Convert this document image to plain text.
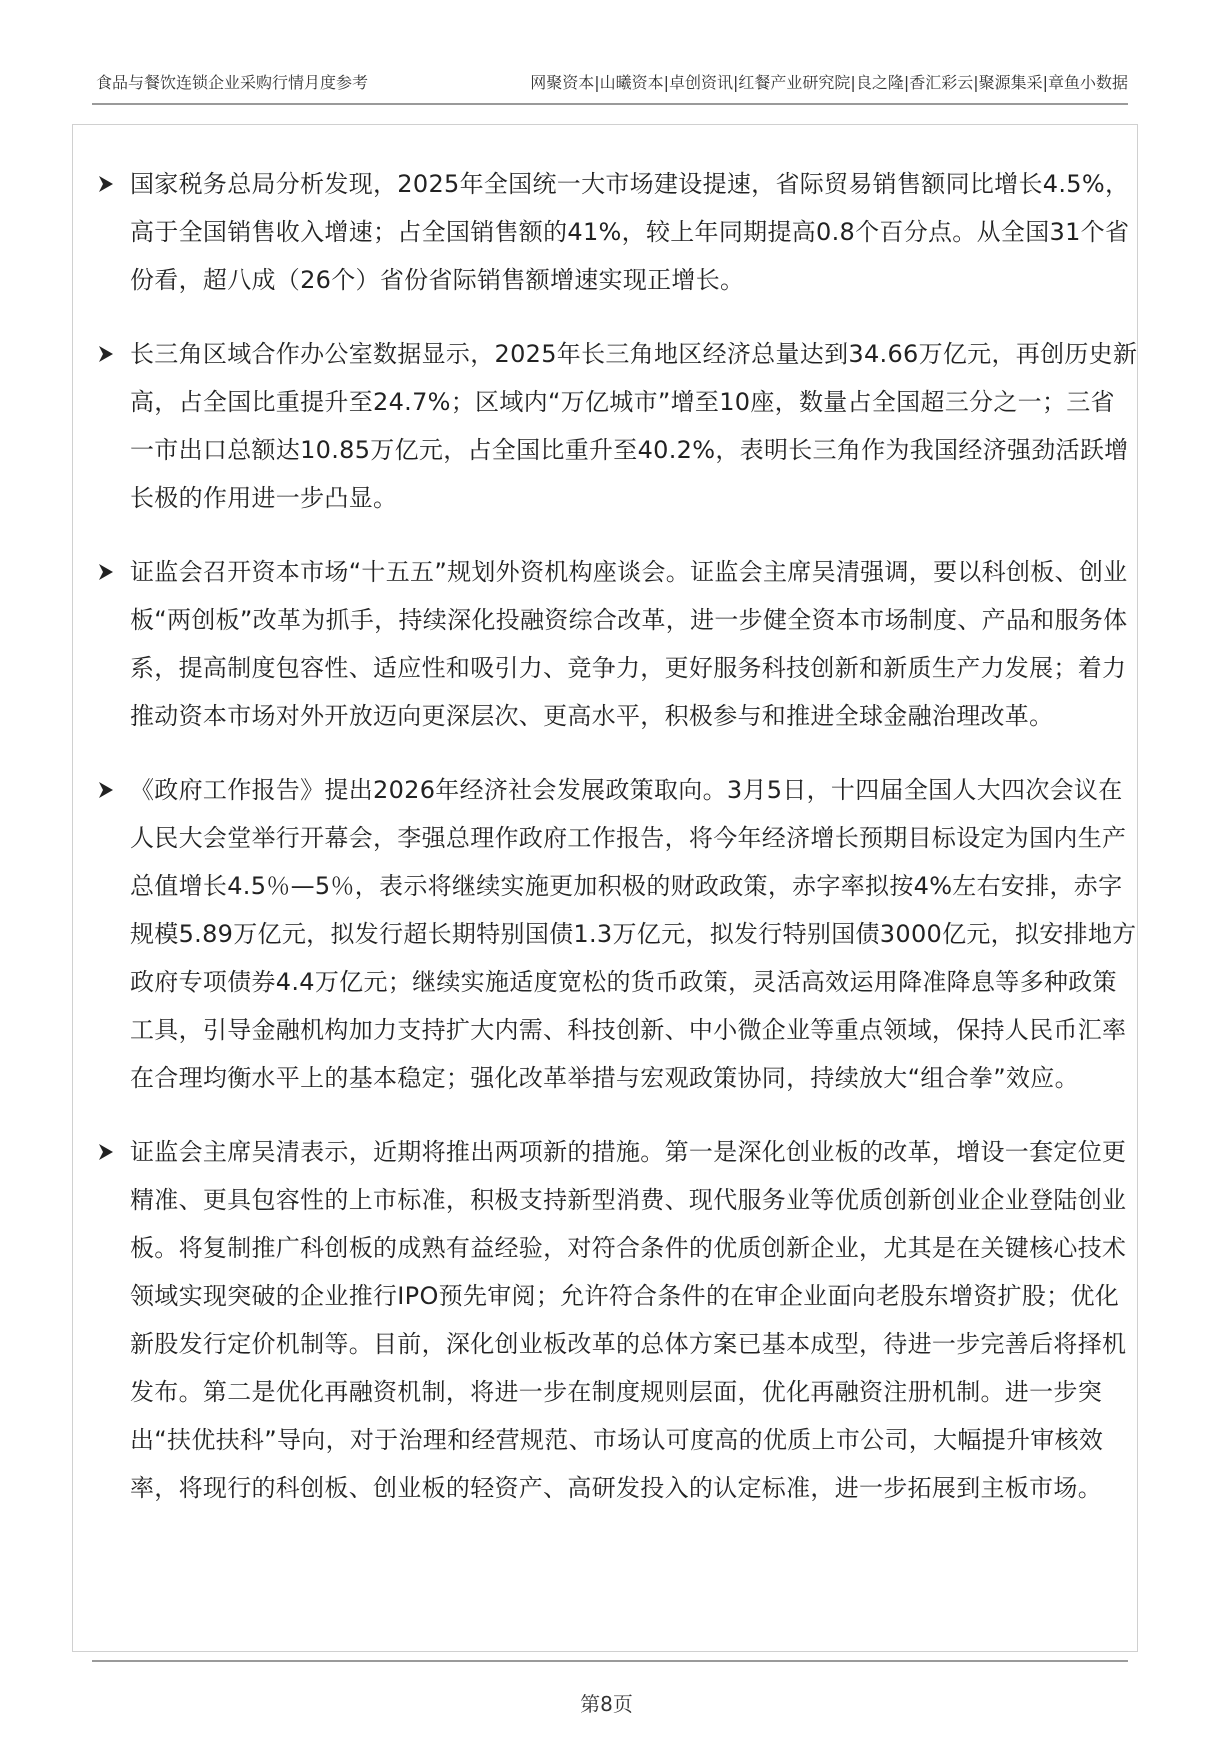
食品与餐饮连锁企业采购行情月度参考	网聚资本|山曦资本|卓创资讯|红餐产业研究院|良之隆|香汇彩云|聚源集采|章鱼小数据
国家税务总局分析发现，2025年全国统一大市场建设提速，省际贸易销售额同比增长4.5%，高于全国销售收入增速；占全国销售额的41%，较上年同期提高0.8个百分点。从全国31个省份看，超八成（26个）省份省际销售额增速实现正增长。
长三角区域合作办公室数据显示，2025年长三角地区经济总量达到34.66万亿元，再创历史新高，占全国比重提升至24.7%；区域内“万亿城市”增至10座，数量占全国超三分之一；三省一市出口总额达10.85万亿元，占全国比重升至40.2%，表明长三角作为我国经济强劲活跃增长极的作用进一步凸显。
证监会召开资本市场“十五五”规划外资机构座谈会。证监会主席吴清强调，要以科创板、创业板“两创板”改革为抓手，持续深化投融资综合改革，进一步健全资本市场制度、产品和服务体系，提高制度包容性、适应性和吸引力、竞争力，更好服务科技创新和新质生产力发展；着力推动资本市场对外开放迈向更深层次、更高水平，积极参与和推进全球金融治理改革。
《政府工作报告》提出2026年经济社会发展政策取向。3月5日，十四届全国人大四次会议在人民大会堂举行开幕会，李强总理作政府工作报告，将今年经济增长预期目标设定为国内生产总值增长4.5％—5％，表示将继续实施更加积极的财政政策，赤字率拟按4%左右安排，赤字规模5.89万亿元，拟发行超长期特别国债1.3万亿元，拟发行特别国债3000亿元，拟安排地方政府专项债券4.4万亿元；继续实施适度宽松的货币政策，灵活高效运用降准降息等多种政策工具，引导金融机构加力支持扩大内需、科技创新、中小微企业等重点领域，保持人民币汇率在合理均衡水平上的基本稳定；强化改革举措与宏观政策协同，持续放大“组合拳”效应。
证监会主席吴清表示，近期将推出两项新的措施。第一是深化创业板的改革，增设一套定位更精准、更具包容性的上市标准，积极支持新型消费、现代服务业等优质创新创业企业登陆创业板。将复制推广科创板的成熟有益经验，对符合条件的优质创新企业，尤其是在关键核心技术领域实现突破的企业推行IPO预先审阅；允许符合条件的在审企业面向老股东增资扩股；优化新股发行定价机制等。目前，深化创业板改革的总体方案已基本成型，待进一步完善后将择机发布。第二是优化再融资机制，将进一步在制度规则层面，优化再融资注册机制。进一步突出“扶优扶科”导向，对于治理和经营规范、市场认可度高的优质上市公司，大幅提升审核效率，将现行的科创板、创业板的轻资产、高研发投入的认定标准，进一步拓展到主板市场。
第8页
